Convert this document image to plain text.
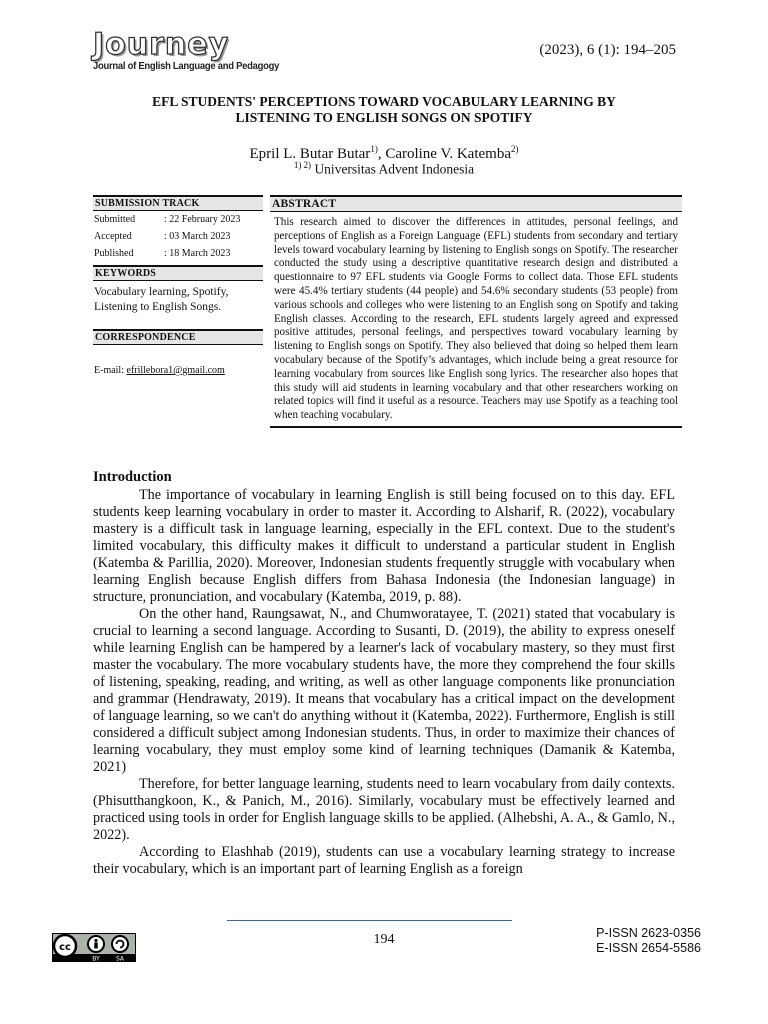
Journey
Journal of English Language and Pedagogy
(2023), 6 (1): 194–205
EFL STUDENTS' PERCEPTIONS TOWARD VOCABULARY LEARNING BY
LISTENING TO ENGLISH SONGS ON SPOTIFY
Epril L. Butar Butar$^{1)}$, Caroline V. Katemba$^{2)}$
$^{1) 2)}$ Universitas Advent Indonesia
SUBMISSION TRACK
Submitted	: 22 February 2023
Accepted	: 03 March 2023
Published	: 18 March 2023
KEYWORDS
Vocabulary learning, Spotify, Listening to English Songs.
CORRESPONDENCE
E-mail: efrillebora1@gmail.com
ABSTRACT
This research aimed to discover the differences in attitudes, personal feelings, and perceptions of English as a Foreign Language (EFL) students from secondary and tertiary levels toward vocabulary learning by listening to English songs on Spotify. The researcher conducted the study using a descriptive quantitative research design and distributed a questionnaire to 97 EFL students via Google Forms to collect data. Those EFL students were 45.4% tertiary students (44 people) and 54.6% secondary students (53 people) from various schools and colleges who were listening to an English song on Spotify and taking English classes. According to the research, EFL students largely agreed and expressed positive attitudes, personal feelings, and perspectives toward vocabulary learning by listening to English songs on Spotify. They also believed that doing so helped them learn vocabulary because of the Spotify’s advantages, which include being a great resource for learning vocabulary from sources like English song lyrics. The researcher also hopes that this study will aid students in learning vocabulary and that other researchers working on related topics will find it useful as a resource. Teachers may use Spotify as a teaching tool when teaching vocabulary.
Introduction

The importance of vocabulary in learning English is still being focused on to this day. EFL students keep learning vocabulary in order to master it. According to Alsharif, R. (2022), vocabulary mastery is a difficult task in language learning, especially in the EFL context. Due to the student's limited vocabulary, this difficulty makes it difficult to understand a particular student in English (Katemba & Parillia, 2020). Moreover, Indonesian students frequently struggle with vocabulary when learning English because English differs from Bahasa Indonesia (the Indonesian language) in structure, pronunciation, and vocabulary (Katemba, 2019, p. 88).

On the other hand, Raungsawat, N., and Chumworatayee, T. (2021) stated that vocabulary is crucial to learning a second language. According to Susanti, D. (2019), the ability to express oneself while learning English can be hampered by a learner's lack of vocabulary mastery, so they must first master the vocabulary. The more vocabulary students have, the more they comprehend the four skills of listening, speaking, reading, and writing, as well as other language components like pronunciation and grammar (Hendrawaty, 2019). It means that vocabulary has a critical impact on the development of language learning, so we can't do anything without it (Katemba, 2022). Furthermore, English is still considered a difficult subject among Indonesian students. Thus, in order to maximize their chances of learning vocabulary, they must employ some kind of learning techniques (Damanik & Katemba, 2021)

Therefore, for better language learning, students need to learn vocabulary from daily contexts. (Phisutthangkoon, K., & Panich, M., 2016). Similarly, vocabulary must be effectively learned and practiced using tools in order for English language skills to be applied. (Alhebshi, A. A., & Gamlo, N., 2022).

According to Elashhab (2019), students can use a vocabulary learning strategy to increase their vocabulary, which is an important part of learning English as a foreign

194	P-ISSN 2623-0356
E-ISSN 2654-5586
cc
BY	SA
